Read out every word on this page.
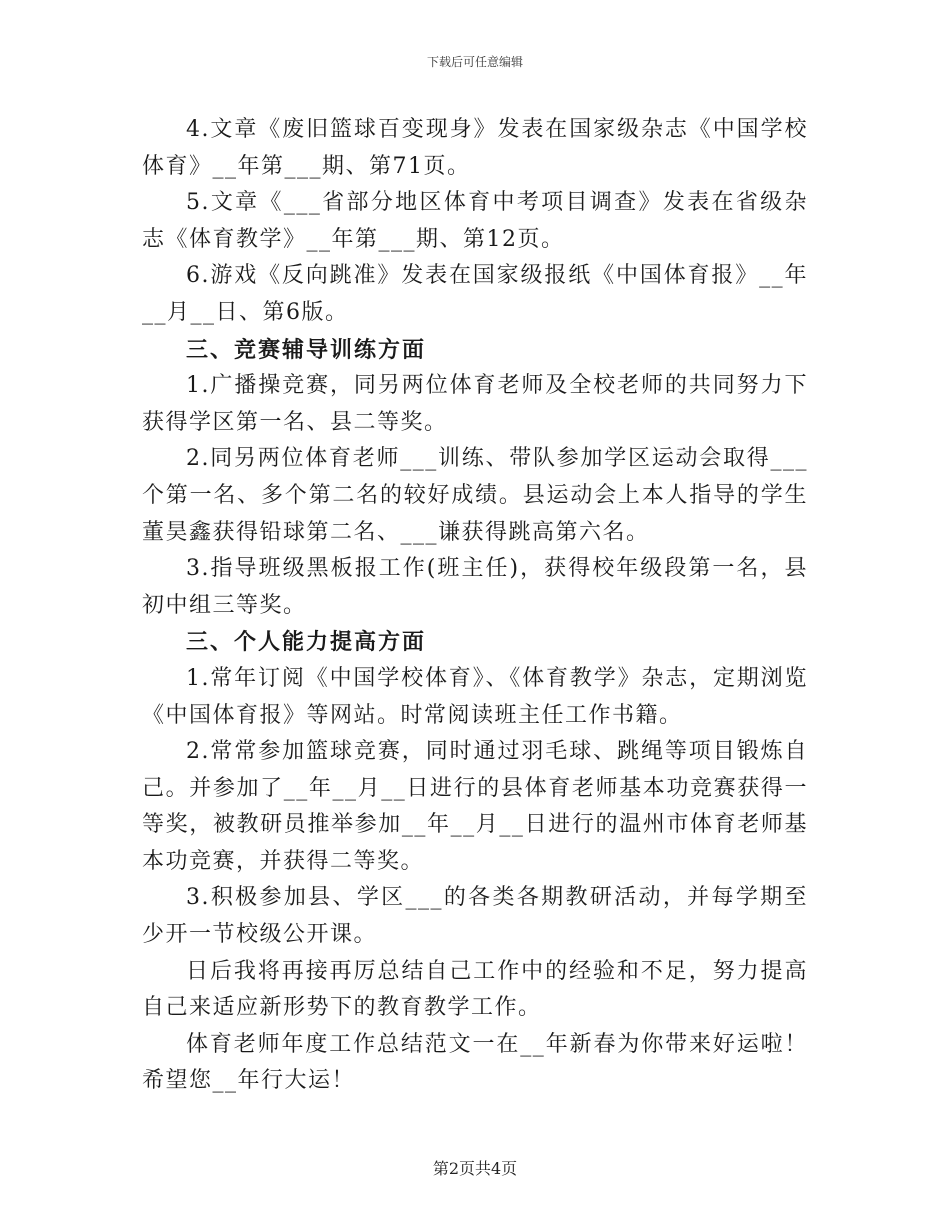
下载后可任意编辑

4.文章《废旧篮球百变现身》发表在国家级杂志《中国学校体育》__年第___期、第71页。

5.文章《___省部分地区体育中考项目调查》发表在省级杂志《体育教学》__年第___期、第12页。

6.游戏《反向跳准》发表在国家级报纸《中国体育报》__年__月__日、第6版。

三、竞赛辅导训练方面

1.广播操竞赛，同另两位体育老师及全校老师的共同努力下获得学区第一名、县二等奖。

2.同另两位体育老师___训练、带队参加学区运动会取得___个第一名、多个第二名的较好成绩。县运动会上本人指导的学生董昊鑫获得铅球第二名、___谦获得跳高第六名。

3.指导班级黑板报工作(班主任)，获得校年级段第一名，县初中组三等奖。

三、个人能力提高方面

1.常年订阅《中国学校体育》、《体育教学》杂志，定期浏览《中国体育报》等网站。时常阅读班主任工作书籍。

2.常常参加篮球竞赛，同时通过羽毛球、跳绳等项目锻炼自己。并参加了__年__月__日进行的县体育老师基本功竞赛获得一等奖，被教研员推举参加__年__月__日进行的温州市体育老师基本功竞赛，并获得二等奖。

3.积极参加县、学区___的各类各期教研活动，并每学期至少开一节校级公开课。

日后我将再接再厉总结自己工作中的经验和不足，努力提高自己来适应新形势下的教育教学工作。

体育老师年度工作总结范文一在__年新春为你带来好运啦！希望您__年行大运！

第2页共4页
